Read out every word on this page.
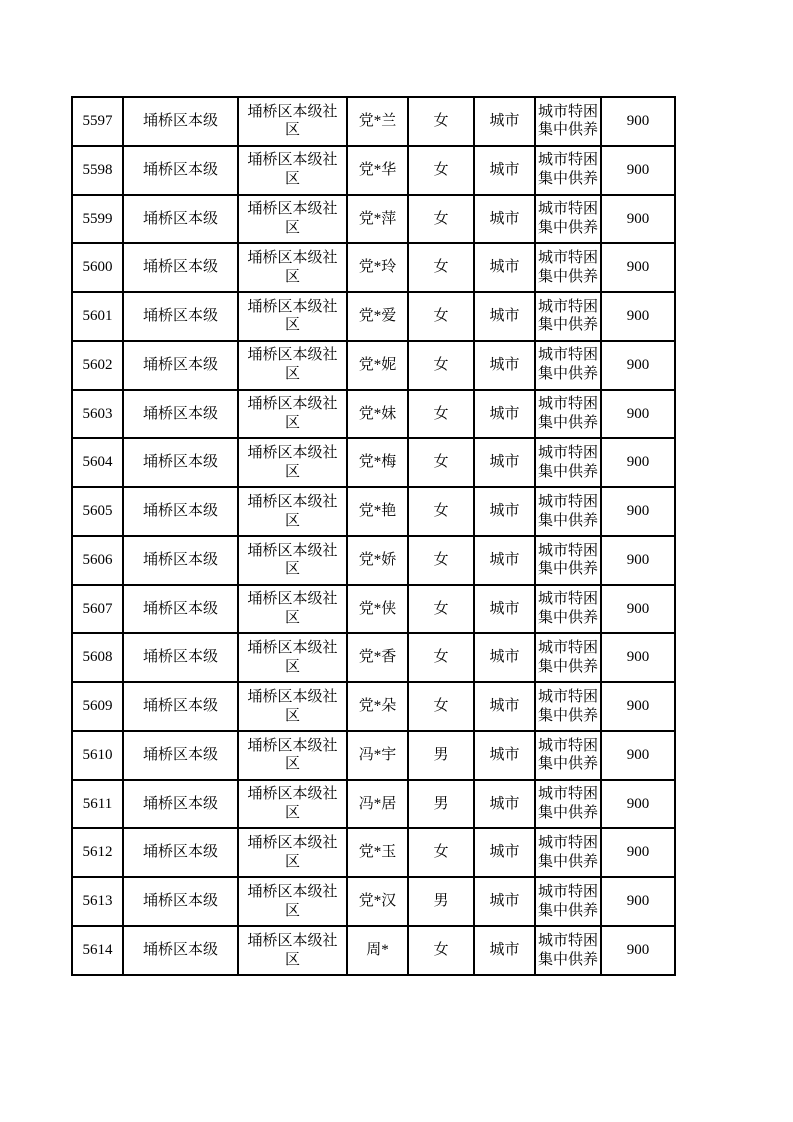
5597	埇桥区本级	埇桥区本级社区	党*兰	女	城市	城市特困集中供养	900
5598	埇桥区本级	埇桥区本级社区	党*华	女	城市	城市特困集中供养	900
5599	埇桥区本级	埇桥区本级社区	党*萍	女	城市	城市特困集中供养	900
5600	埇桥区本级	埇桥区本级社区	党*玲	女	城市	城市特困集中供养	900
5601	埇桥区本级	埇桥区本级社区	党*爱	女	城市	城市特困集中供养	900
5602	埇桥区本级	埇桥区本级社区	党*妮	女	城市	城市特困集中供养	900
5603	埇桥区本级	埇桥区本级社区	党*妹	女	城市	城市特困集中供养	900
5604	埇桥区本级	埇桥区本级社区	党*梅	女	城市	城市特困集中供养	900
5605	埇桥区本级	埇桥区本级社区	党*艳	女	城市	城市特困集中供养	900
5606	埇桥区本级	埇桥区本级社区	党*娇	女	城市	城市特困集中供养	900
5607	埇桥区本级	埇桥区本级社区	党*侠	女	城市	城市特困集中供养	900
5608	埇桥区本级	埇桥区本级社区	党*香	女	城市	城市特困集中供养	900
5609	埇桥区本级	埇桥区本级社区	党*朵	女	城市	城市特困集中供养	900
5610	埇桥区本级	埇桥区本级社区	冯*宇	男	城市	城市特困集中供养	900
5611	埇桥区本级	埇桥区本级社区	冯*居	男	城市	城市特困集中供养	900
5612	埇桥区本级	埇桥区本级社区	党*玉	女	城市	城市特困集中供养	900
5613	埇桥区本级	埇桥区本级社区	党*汉	男	城市	城市特困集中供养	900
5614	埇桥区本级	埇桥区本级社区	周*	女	城市	城市特困集中供养	900
